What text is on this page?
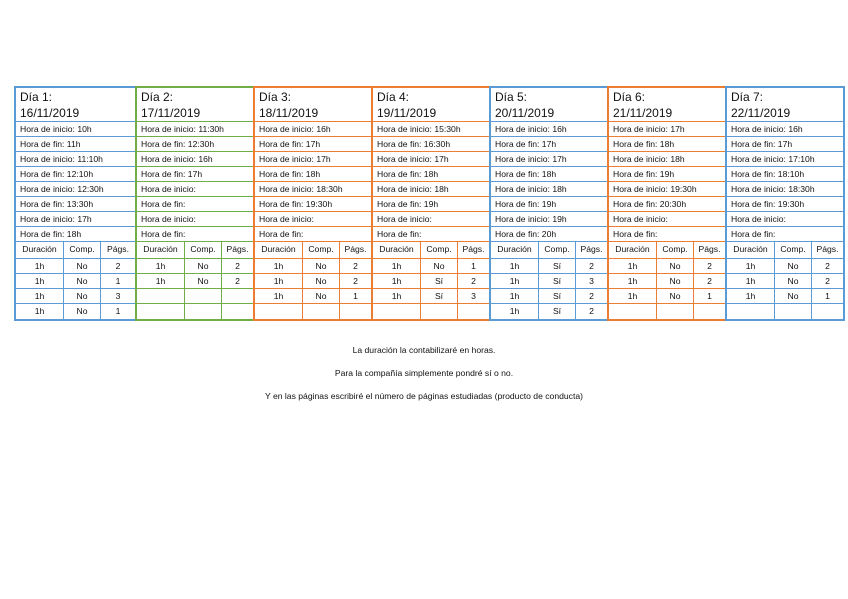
Día 1:
16/11/2019
Hora de inicio: 10h
Hora de fin: 11h
Hora de inicio: 11:10h
Hora de fin: 12:10h
Hora de inicio: 12:30h
Hora de fin: 13:30h
Hora de inicio: 17h
Hora de fin: 18h
Duración	Comp.	Págs.
1h	No	2
1h	No	1
1h	No	3
1h	No	1
Día 2:
17/11/2019
Hora de inicio: 11:30h
Hora de fin: 12:30h
Hora de inicio: 16h
Hora de fin: 17h
Hora de inicio:
Hora de fin:
Hora de inicio:
Hora de fin:
Duración	Comp.	Págs.
1h	No	2
1h	No	2
Día 3:
18/11/2019
Hora de inicio: 16h
Hora de fin: 17h
Hora de inicio: 17h
Hora de fin: 18h
Hora de inicio: 18:30h
Hora de fin: 19:30h
Hora de inicio:
Hora de fin:
Duración	Comp.	Págs.
1h	No	2
1h	No	2
1h	No	1
Día 4:
19/11/2019
Hora de inicio: 15:30h
Hora de fin: 16:30h
Hora de inicio: 17h
Hora de fin: 18h
Hora de inicio: 18h
Hora de fin: 19h
Hora de inicio:
Hora de fin:
Duración	Comp.	Págs.
1h	No	1
1h	Sí	2
1h	Sí	3
Día 5:
20/11/2019
Hora de inicio: 16h
Hora de fin: 17h
Hora de inicio: 17h
Hora de fin: 18h
Hora de inicio: 18h
Hora de fin: 19h
Hora de inicio: 19h
Hora de fin: 20h
Duración	Comp.	Págs.
1h	Sí	2
1h	Sí	3
1h	Sí	2
1h	Sí	2
Día 6:
21/11/2019
Hora de inicio: 17h
Hora de fin: 18h
Hora de inicio: 18h
Hora de fin: 19h
Hora de inicio: 19:30h
Hora de fin: 20:30h
Hora de inicio:
Hora de fin:
Duración	Comp.	Págs.
1h	No	2
1h	No	2
1h	No	1
Día 7:
22/11/2019
Hora de inicio: 16h
Hora de fin: 17h
Hora de inicio: 17:10h
Hora de fin: 18:10h
Hora de inicio: 18:30h
Hora de fin: 19:30h
Hora de inicio:
Hora de fin:
Duración	Comp.	Págs.
1h	No	2
1h	No	2
1h	No	1
La duración la contabilizaré en horas.
Para la compañía simplemente pondré sí o no.
Y en las páginas escribiré el número de páginas estudiadas (producto de conducta)
